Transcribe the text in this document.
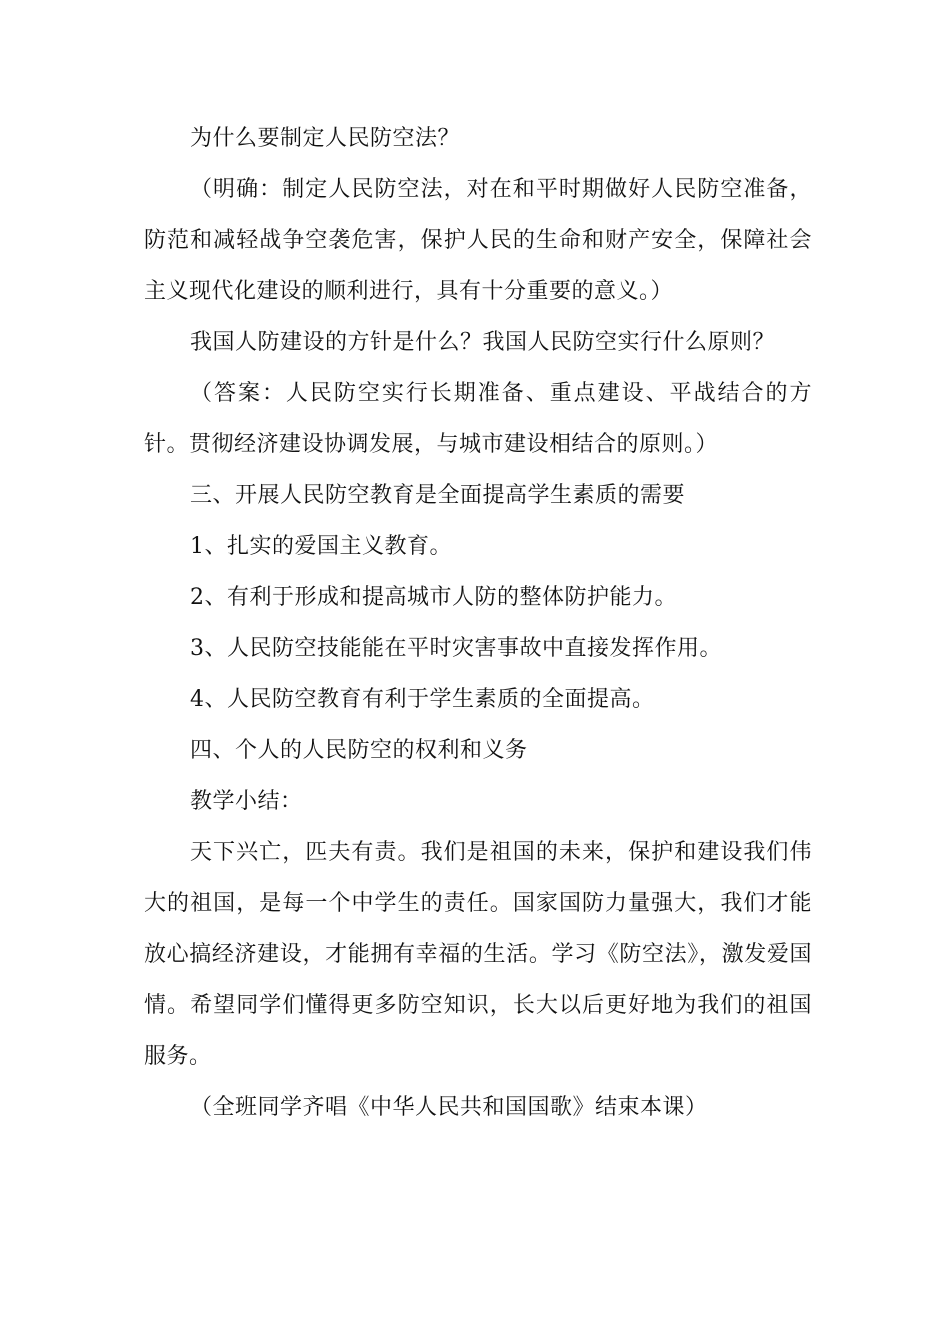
为什么要制定人民防空法？

（明确：制定人民防空法，对在和平时期做好人民防空准备，防范和减轻战争空袭危害，保护人民的生命和财产安全，保障社会主义现代化建设的顺利进行，具有十分重要的意义。）

我国人防建设的方针是什么？我国人民防空实行什么原则？

（答案：人民防空实行长期准备、重点建设、平战结合的方针。贯彻经济建设协调发展，与城市建设相结合的原则。）

三、开展人民防空教育是全面提高学生素质的需要

1、扎实的爱国主义教育。

2、有利于形成和提高城市人防的整体防护能力。

3、人民防空技能能在平时灾害事故中直接发挥作用。

4、人民防空教育有利于学生素质的全面提高。

四、个人的人民防空的权利和义务

教学小结：

天下兴亡，匹夫有责。我们是祖国的未来，保护和建设我们伟大的祖国，是每一个中学生的责任。国家国防力量强大，我们才能放心搞经济建设，才能拥有幸福的生活。学习《防空法》，激发爱国情。希望同学们懂得更多防空知识，长大以后更好地为我们的祖国服务。

（全班同学齐唱《中华人民共和国国歌》结束本课）
